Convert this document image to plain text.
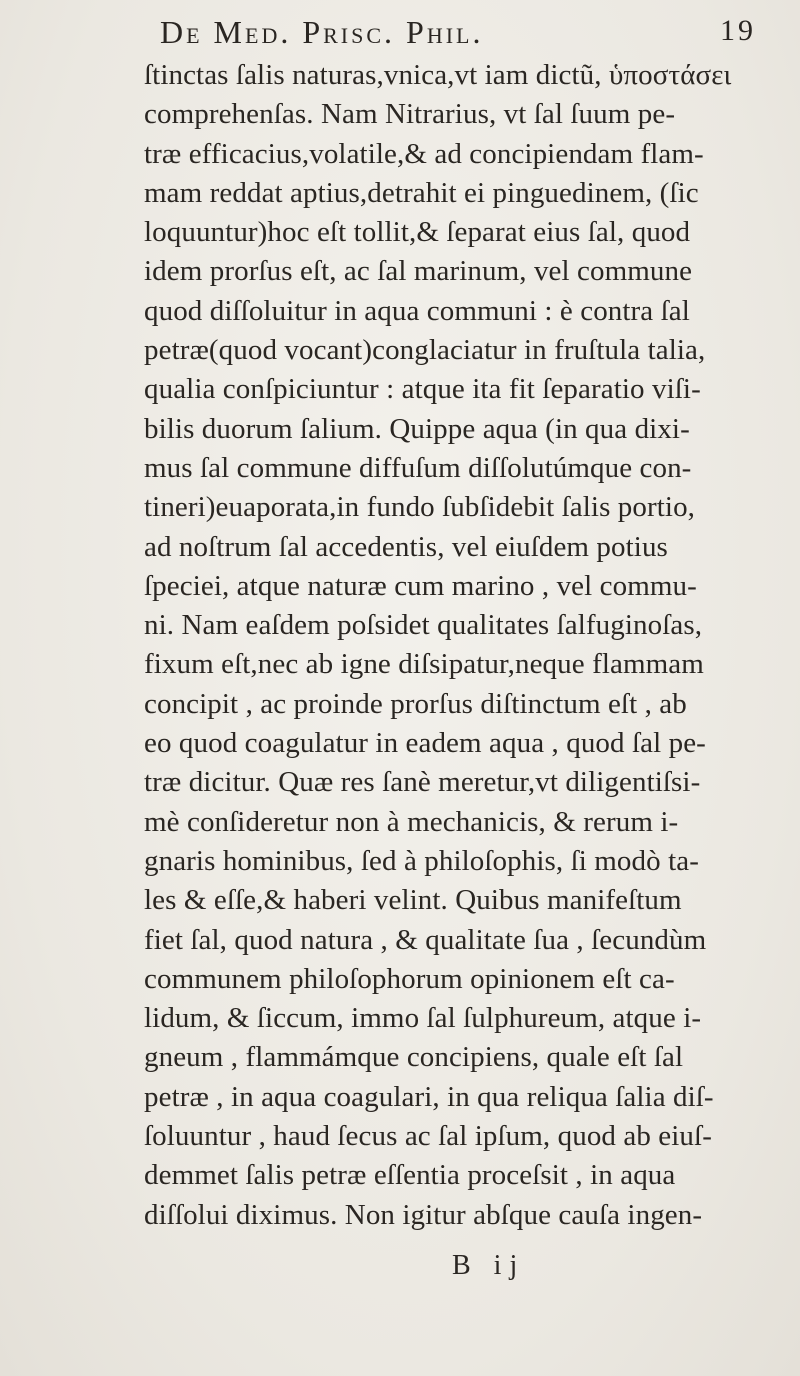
De Med. Prisc. Phil.	19
ſtinctas ſalis naturas,vnica,vt iam dictũ, ὑποστάσει
comprehenſas. Nam Nitrarius, vt ſal ſuum pe-
træ efficacius,volatile,& ad concipiendam flam-
mam reddat aptius,detrahit ei pinguedinem, (ſic
loquuntur)hoc eſt tollit,& ſeparat eius ſal, quod
idem prorſus eſt, ac ſal marinum, vel commune
quod diſſoluitur in aqua communi : è contra ſal
petræ(quod vocant)conglaciatur in fruſtula talia,
qualia conſpiciuntur : atque ita fit ſeparatio viſi-
bilis duorum ſalium. Quippe aqua (in qua dixi-
mus ſal commune diffuſum diſſolutúmque con-
tineri)euaporata,in fundo ſubſidebit ſalis portio,
ad noſtrum ſal accedentis, vel eiuſdem potius
ſpeciei, atque naturæ cum marino , vel commu-
ni. Nam eaſdem poſsidet qualitates ſalfuginoſas,
fixum eſt,nec ab igne diſsipatur,neque flammam
concipit , ac proinde prorſus diſtinctum eſt , ab
eo quod coagulatur in eadem aqua , quod ſal pe-
træ dicitur. Quæ res ſanè meretur,vt diligentiſsi-
mè conſideretur non à mechanicis, & rerum i-
gnaris hominibus, ſed à philoſophis, ſi modò ta-
les & eſſe,& haberi velint. Quibus manifeſtum
fiet ſal, quod natura , & qualitate ſua , ſecundùm
communem philoſophorum opinionem eſt ca-
lidum, & ſiccum, immo ſal ſulphureum, atque i-
gneum , flammámque concipiens, quale eſt ſal
petræ , in aqua coagulari, in qua reliqua ſalia diſ-
ſoluuntur , haud ſecus ac ſal ipſum, quod ab eiuſ-
demmet ſalis petræ eſſentia proceſsit , in aqua
diſſolui diximus. Non igitur abſque cauſa ingen-
B ij
